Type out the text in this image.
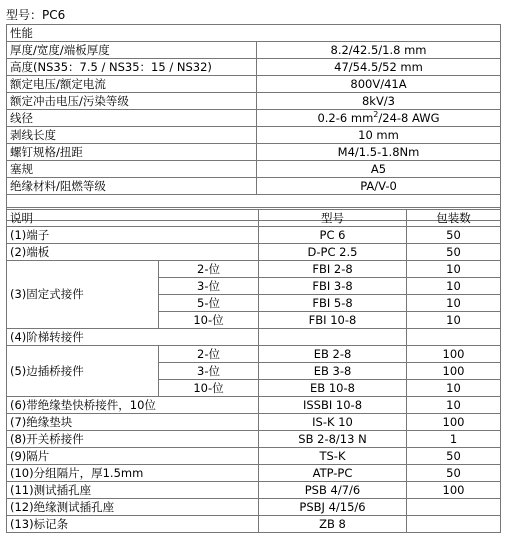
型号：PC6
性能	
厚度/宽度/端板厚度	8.2/42.5/1.8 mm
高度(NS35：7.5 / NS35：15 / NS32)	47/54.5/52 mm
额定电压/额定电流	800V/41A
额定冲击电压/污染等级	8kV/3
线径	0.2-6 $mm^2/24-8$ AWG
剥线长度	10 mm
螺钉规格/扭距	M4/1.5-1.8Nm
塞规	A5
绝缘材料/阻燃等级	PA/V-0

说明		型号	包装数
(1)端子		PC 6	50
(2)端板		D-PC 2.5	50
(3)固定式接件	2-位	FBI 2-8	10
	3-位	FBI 3-8	10
	5-位	FBI 5-8	10
	10-位	FBI 10-8	10
(4)阶梯转接件			
(5)边插桥接件	2-位	EB 2-8	100
	3-位	EB 3-8	100
	10-位	EB 10-8	10
(6)带绝缘垫快桥接件，10位		ISSBI 10-8	10
(7)绝缘垫块		IS-K 10	100
(8)开关桥接件		SB 2-8/13 N	1
(9)隔片		TS-K	50
(10)分组隔片，厚1.5mm		ATP-PC	50
(11)测试插孔座		PSB 4/7/6	100
(12)绝缘测试插孔座		PSBJ 4/15/6	
(13)标记条		ZB 8	
